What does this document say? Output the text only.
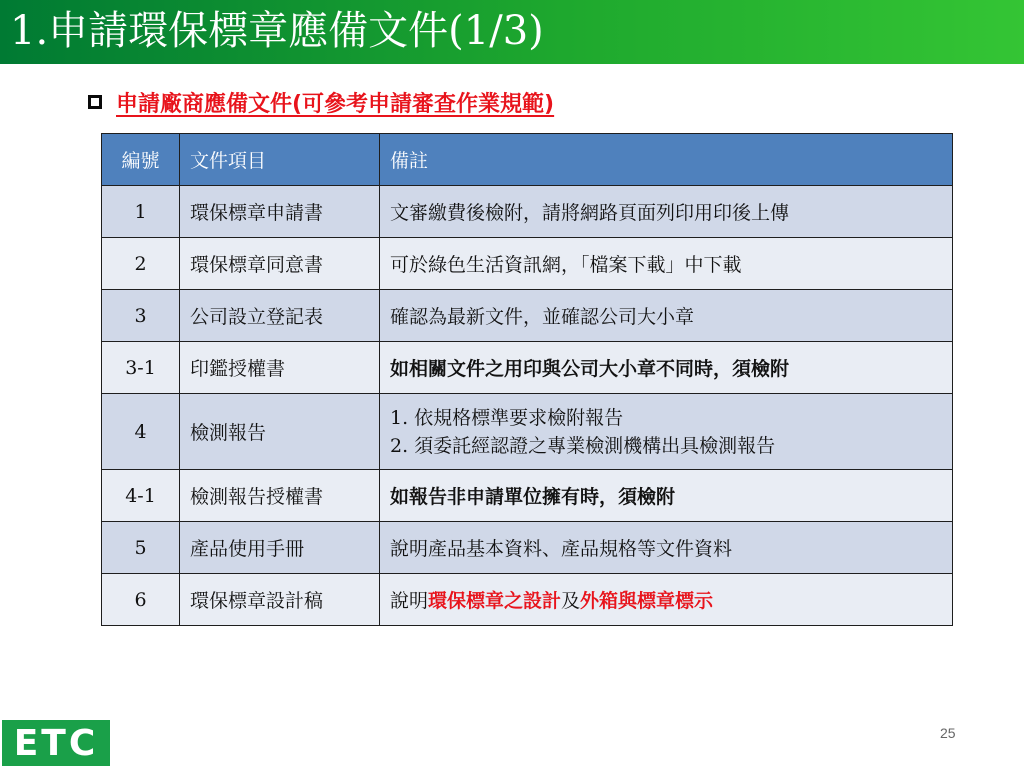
1.申請環保標章應備文件(1/3)
申請廠商應備文件(可參考申請審查作業規範)
編號	文件項目	備註
1	環保標章申請書	文審繳費後檢附，請將網路頁面列印用印後上傳
2	環保標章同意書	可於綠色生活資訊網，「檔案下載」中下載
3	公司設立登記表	確認為最新文件，並確認公司大小章
3-1	印鑑授權書	如相關文件之用印與公司大小章不同時，須檢附
4	檢測報告	1. 依規格標準要求檢附報告
2. 須委託經認證之專業檢測機構出具檢測報告

4-1	檢測報告授權書	如報告非申請單位擁有時，須檢附
5	產品使用手冊	說明產品基本資料、產品規格等文件資料
6	環保標章設計稿	說明環保標章之設計及外箱與標章標示
ETC	25
